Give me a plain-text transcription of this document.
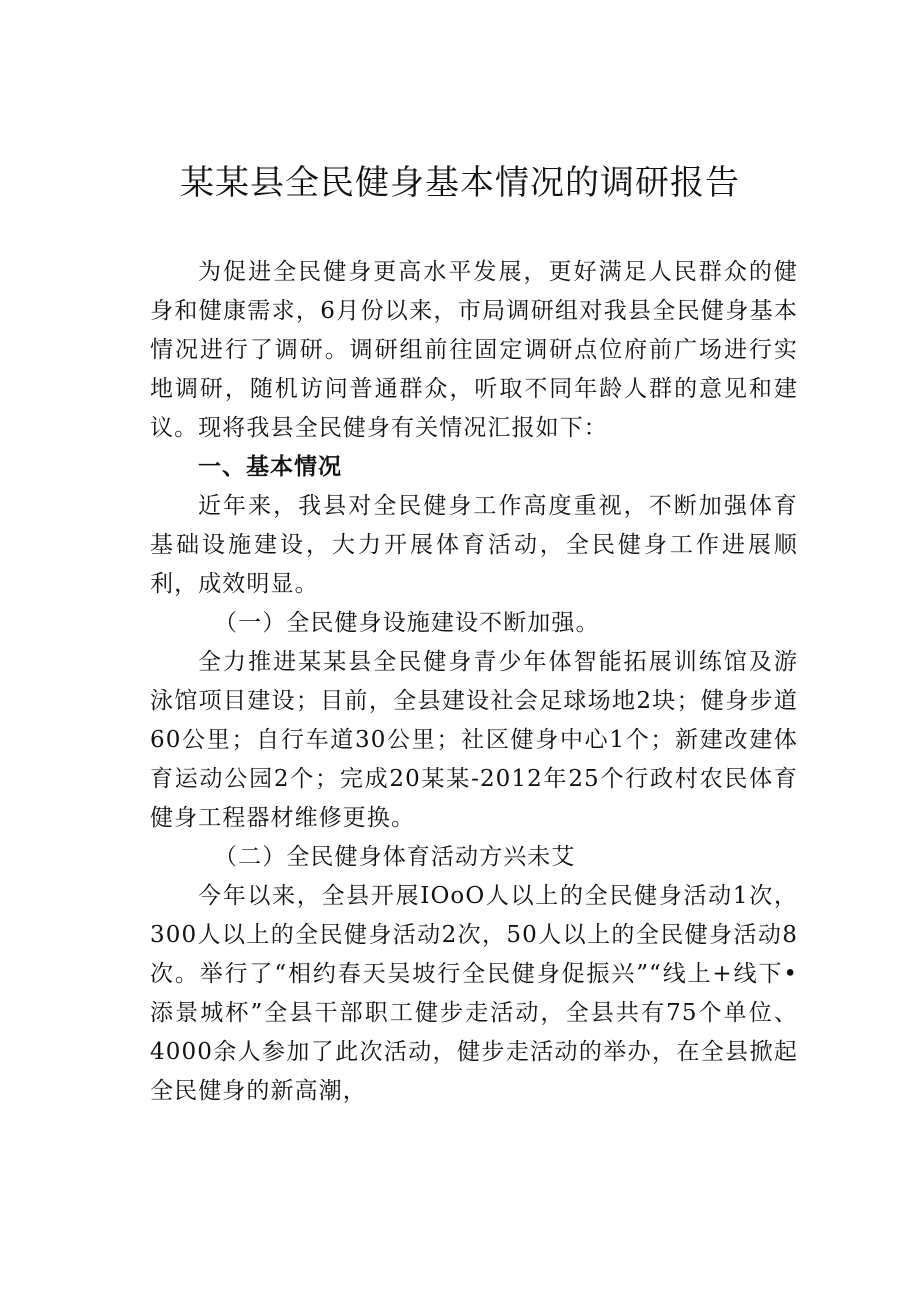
某某县全民健身基本情况的调研报告

为促进全民健身更高水平发展，更好满足人民群众的健身和健康需求，6月份以来，市局调研组对我县全民健身基本情况进行了调研。调研组前往固定调研点位府前广场进行实地调研，随机访问普通群众，听取不同年龄人群的意见和建议。现将我县全民健身有关情况汇报如下：

一、基本情况

近年来，我县对全民健身工作高度重视，不断加强体育基础设施建设，大力开展体育活动，全民健身工作进展顺利，成效明显。

（一）全民健身设施建设不断加强。

全力推进某某县全民健身青少年体智能拓展训练馆及游泳馆项目建设；目前，全县建设社会足球场地2块；健身步道60公里；自行车道30公里；社区健身中心1个；新建改建体育运动公园2个；完成20某某-2012年25个行政村农民体育健身工程器材维修更换。

（二）全民健身体育活动方兴未艾

今年以来，全县开展IOoO人以上的全民健身活动1次，300人以上的全民健身活动2次，50人以上的全民健身活动8次。举行了“相约春天吴坡行全民健身促振兴”“线上+线下•添景城杯”全县干部职工健步走活动，全县共有75个单位、4000余人参加了此次活动，健步走活动的举办，在全县掀起全民健身的新高潮，
